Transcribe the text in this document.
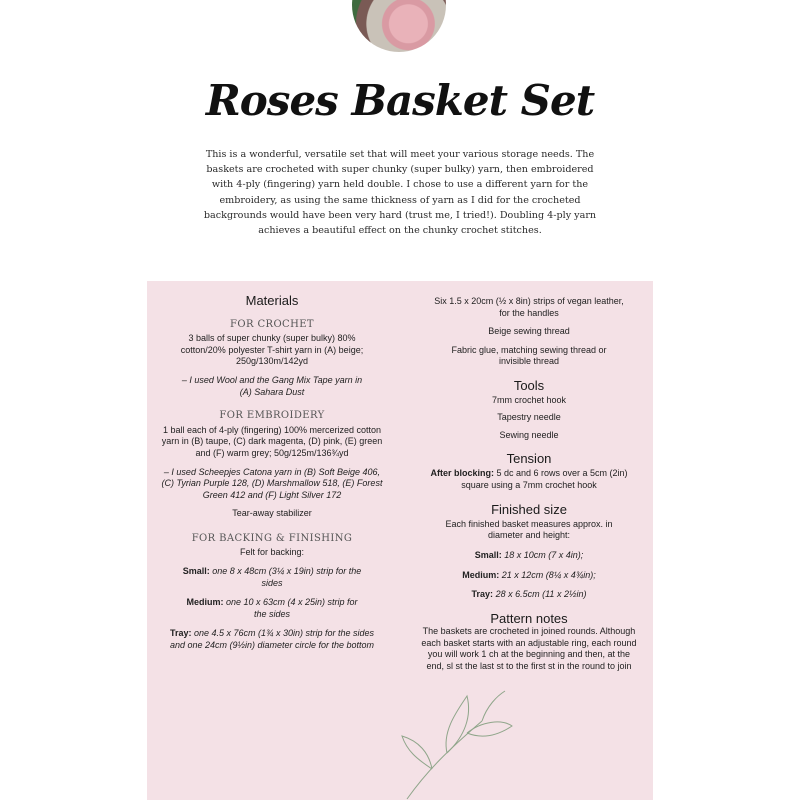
Roses Basket Set
This is a wonderful, versatile set that will meet your various storage needs. The baskets are crocheted with super chunky (super bulky) yarn, then embroidered with 4-ply (fingering) yarn held double. I chose to use a different yarn for the embroidery, as using the same thickness of yarn as I did for the crocheted backgrounds would have been very hard (trust me, I tried!). Doubling 4-ply yarn achieves a beautiful effect on the chunky crochet stitches.
Materials
FOR CROCHET
3 balls of super chunky (super bulky) 80% cotton/20% polyester T-shirt yarn in (A) beige; 250g/130m/142yd
– I used Wool and the Gang Mix Tape yarn in (A) Sahara Dust
FOR EMBROIDERY
1 ball each of 4-ply (fingering) 100% mercerized cotton yarn in (B) taupe, (C) dark magenta, (D) pink, (E) green and (F) warm grey; 50g/125m/136¾yd
– I used Scheepjes Catona yarn in (B) Soft Beige 406, (C) Tyrian Purple 128, (D) Marshmallow 518, (E) Forest Green 412 and (F) Light Silver 172
Tear-away stabilizer
FOR BACKING & FINISHING
Felt for backing:
Small: one 8 x 48cm (3¼ x 19in) strip for the sides
Medium: one 10 x 63cm (4 x 25in) strip for the sides
Tray: one 4.5 x 76cm (1¾ x 30in) strip for the sides and one 24cm (9½in) diameter circle for the bottom
Six 1.5 x 20cm (½ x 8in) strips of vegan leather, for the handles
Beige sewing thread
Fabric glue, matching sewing thread or invisible thread
Tools
7mm crochet hook
Tapestry needle
Sewing needle
Tension
After blocking: 5 dc and 6 rows over a 5cm (2in) square using a 7mm crochet hook
Finished size
Each finished basket measures approx. in diameter and height:
Small: 18 x 10cm (7 x 4in);
Medium: 21 x 12cm (8¼ x 4¾in);
Tray: 28 x 6.5cm (11 x 2½in)
Pattern notes
The baskets are crocheted in joined rounds. Although each basket starts with an adjustable ring, each round you will work 1 ch at the beginning and then, at the end, sl st the last st to the first st in the round to join
